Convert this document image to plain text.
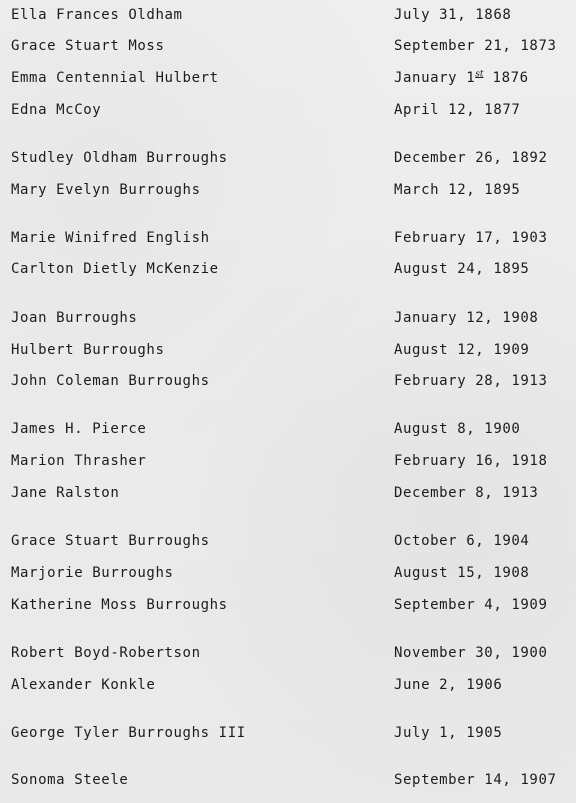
Ella Frances Oldham	July 31, 1868
Grace Stuart Moss	September 21, 1873
Emma Centennial Hulbert	January 1st 1876
Edna McCoy	April 12, 1877
Studley Oldham Burroughs	December 26, 1892
Mary Evelyn Burroughs	March 12, 1895
Marie Winifred English	February 17, 1903
Carlton Dietly McKenzie	August 24, 1895
Joan Burroughs	January 12, 1908
Hulbert Burroughs	August 12, 1909
John Coleman Burroughs	February 28, 1913
James H. Pierce	August 8, 1900
Marion Thrasher	February 16, 1918
Jane Ralston	December 8, 1913
Grace Stuart Burroughs	October 6, 1904
Marjorie Burroughs	August 15, 1908
Katherine Moss Burroughs	September 4, 1909
Robert Boyd-Robertson	November 30, 1900
Alexander Konkle	June 2, 1906
George Tyler Burroughs III	July 1, 1905
Sonoma Steele	September 14, 1907
